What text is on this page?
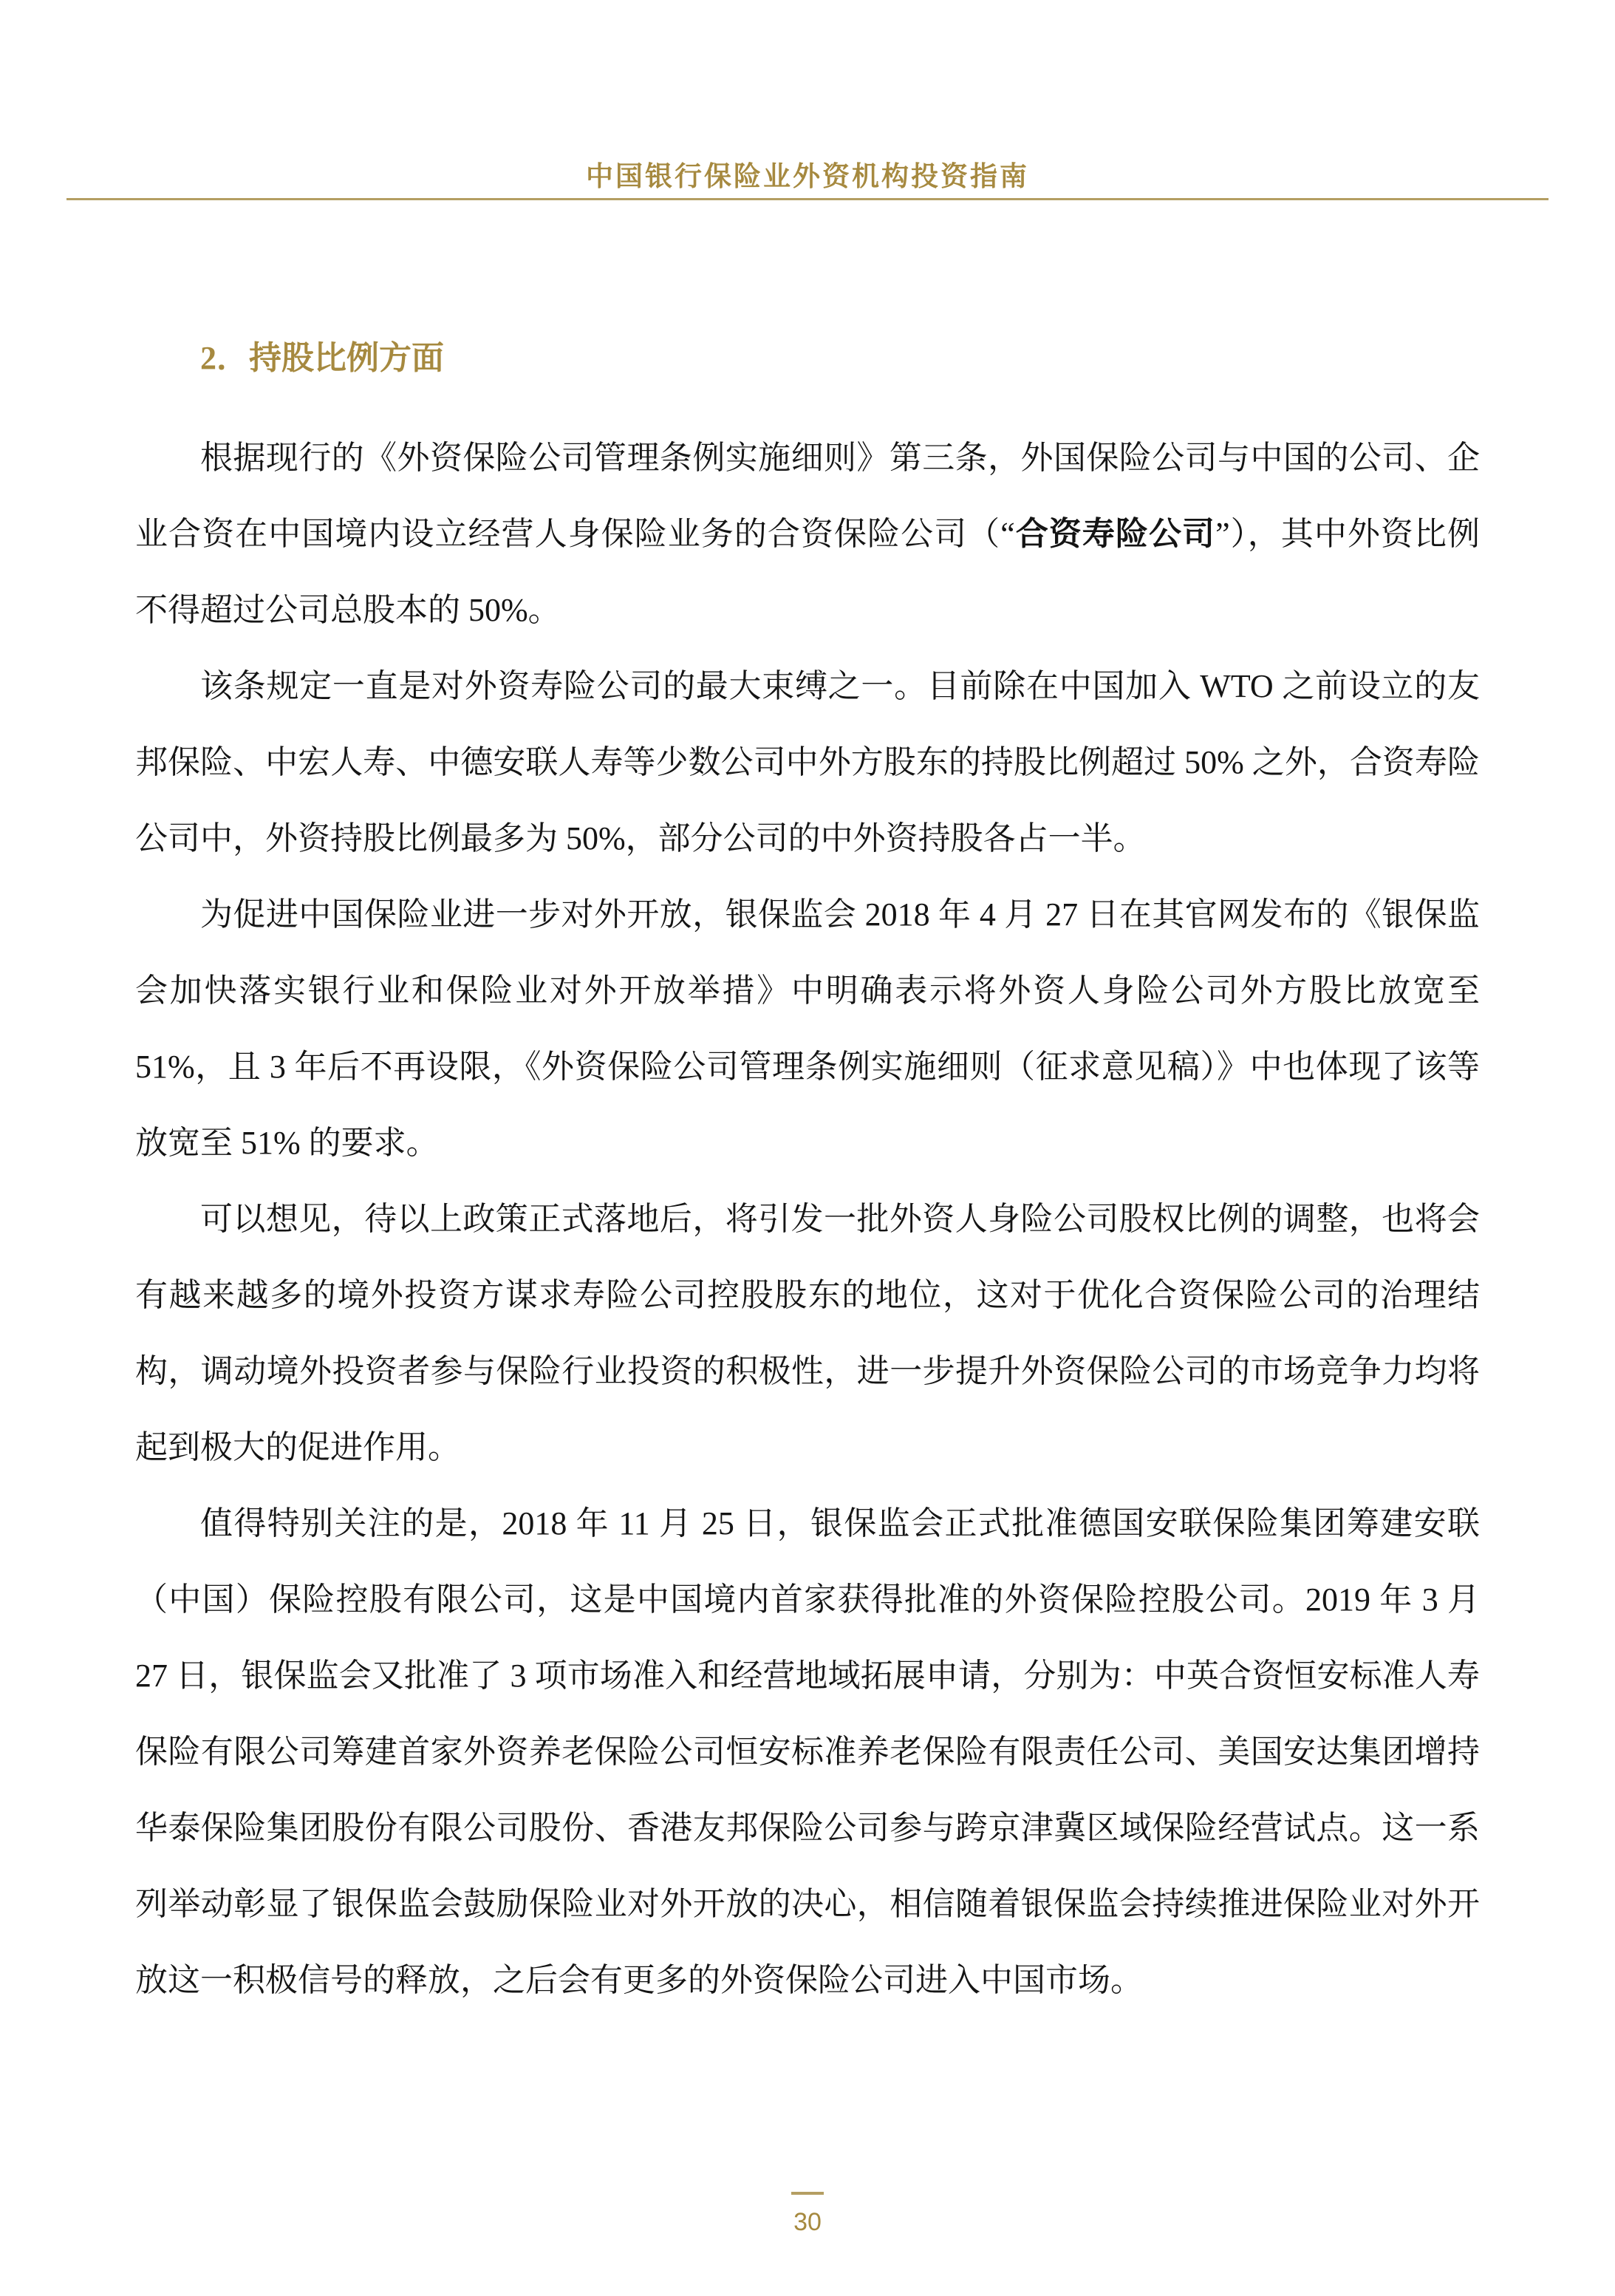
中国银行保险业外资机构投资指南
2．持股比例方面

根据现行的《外资保险公司管理条例实施细则》第三条，外国保险公司与中国的公司、企业合资在中国境内设立经营人身保险业务的合资保险公司（“合资寿险公司”），其中外资比例不得超过公司总股本的 50%。

该条规定一直是对外资寿险公司的最大束缚之一。目前除在中国加入 WTO 之前设立的友邦保险、中宏人寿、中德安联人寿等少数公司中外方股东的持股比例超过 50% 之外，合资寿险公司中，外资持股比例最多为 50%，部分公司的中外资持股各占一半。

为促进中国保险业进一步对外开放，银保监会 2018 年 4 月 27 日在其官网发布的《银保监会加快落实银行业和保险业对外开放举措》中明确表示将外资人身险公司外方股比放宽至 51%，且 3 年后不再设限，《外资保险公司管理条例实施细则（征求意见稿）》中也体现了该等放宽至 51% 的要求。

可以想见，待以上政策正式落地后，将引发一批外资人身险公司股权比例的调整，也将会有越来越多的境外投资方谋求寿险公司控股股东的地位，这对于优化合资保险公司的治理结构，调动境外投资者参与保险行业投资的积极性，进一步提升外资保险公司的市场竞争力均将起到极大的促进作用。

值得特别关注的是，2018 年 11 月 25 日，银保监会正式批准德国安联保险集团筹建安联（中国）保险控股有限公司，这是中国境内首家获得批准的外资保险控股公司。2019 年 3 月 27 日，银保监会又批准了 3 项市场准入和经营地域拓展申请，分别为：中英合资恒安标准人寿保险有限公司筹建首家外资养老保险公司恒安标准养老保险有限责任公司、美国安达集团增持华泰保险集团股份有限公司股份、香港友邦保险公司参与跨京津冀区域保险经营试点。这一系列举动彰显了银保监会鼓励保险业对外开放的决心，相信随着银保监会持续推进保险业对外开放这一积极信号的释放，之后会有更多的外资保险公司进入中国市场。

30
